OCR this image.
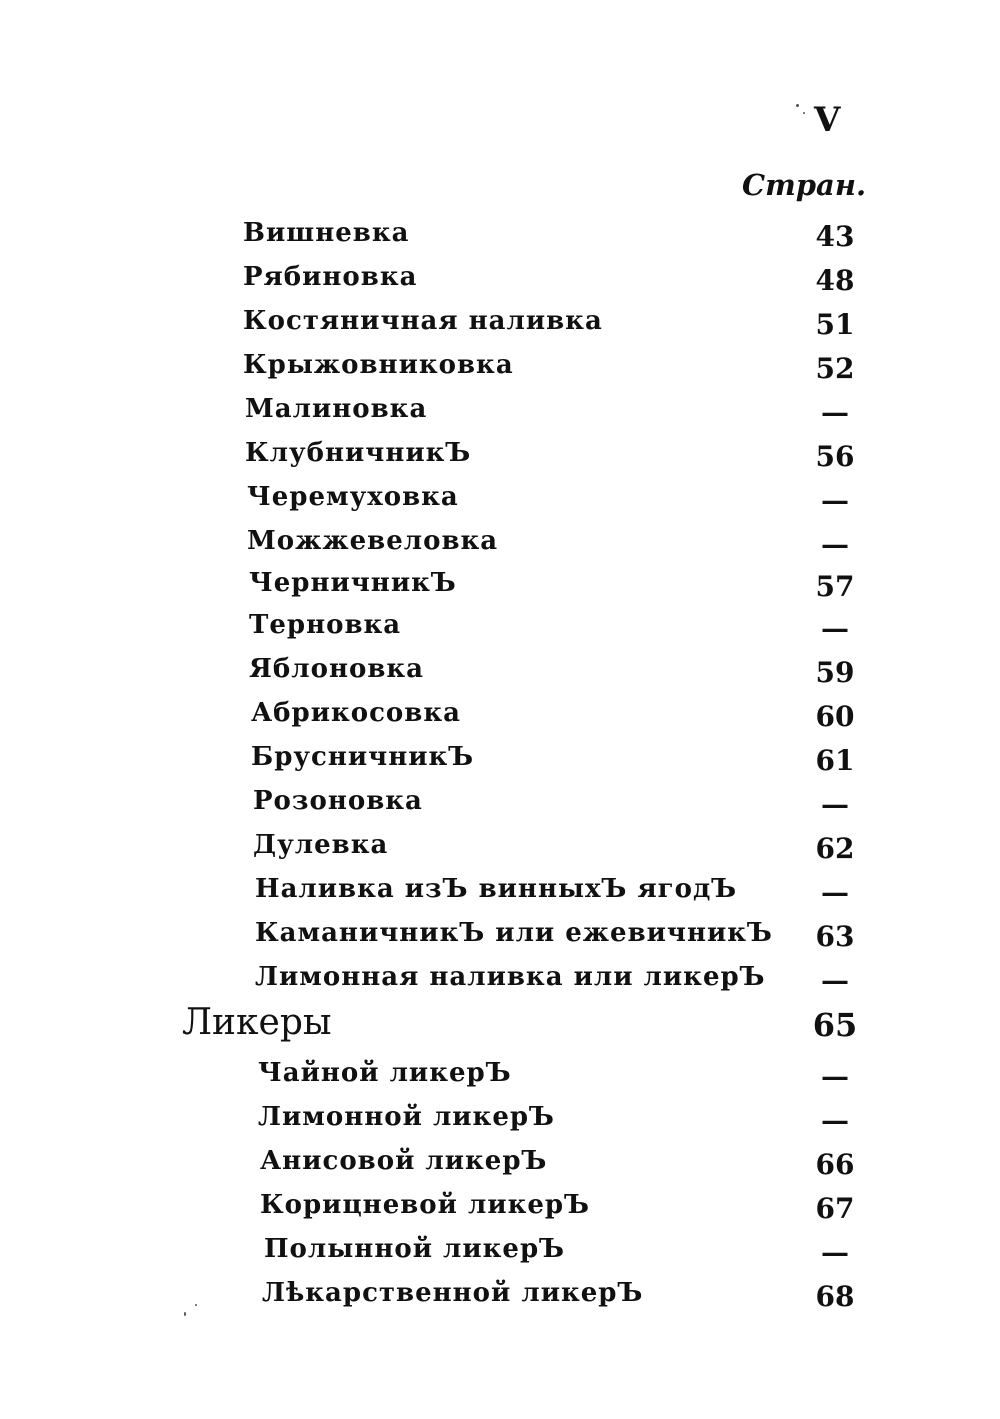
V
Стран.
Вишневка	43
Рябиновка	48
Костяничная наливка	51
Крыжовниковка	52
Малиновка	—
КлубничникЪ	56
Черемуховка	—
Можжевеловка	—
ЧерничникЪ	57
Терновка	—
Яблоновка	59
Абрикосовка	60
БрусничникЪ	61
Розоновка	—
Дулевка	62
Наливка изЪ винныхЪ ягодЪ	—
КаманичникЪ или ежевичникЪ	63
Лимонная наливка или ликерЪ	—
Ликеры	65
Чайной ликерЪ	—
Лимонной ликерЪ	—
Анисовой ликерЪ	66
Корицневой ликерЪ	67
Полынной ликерЪ	—
Лѣкарственной ликерЪ	68
